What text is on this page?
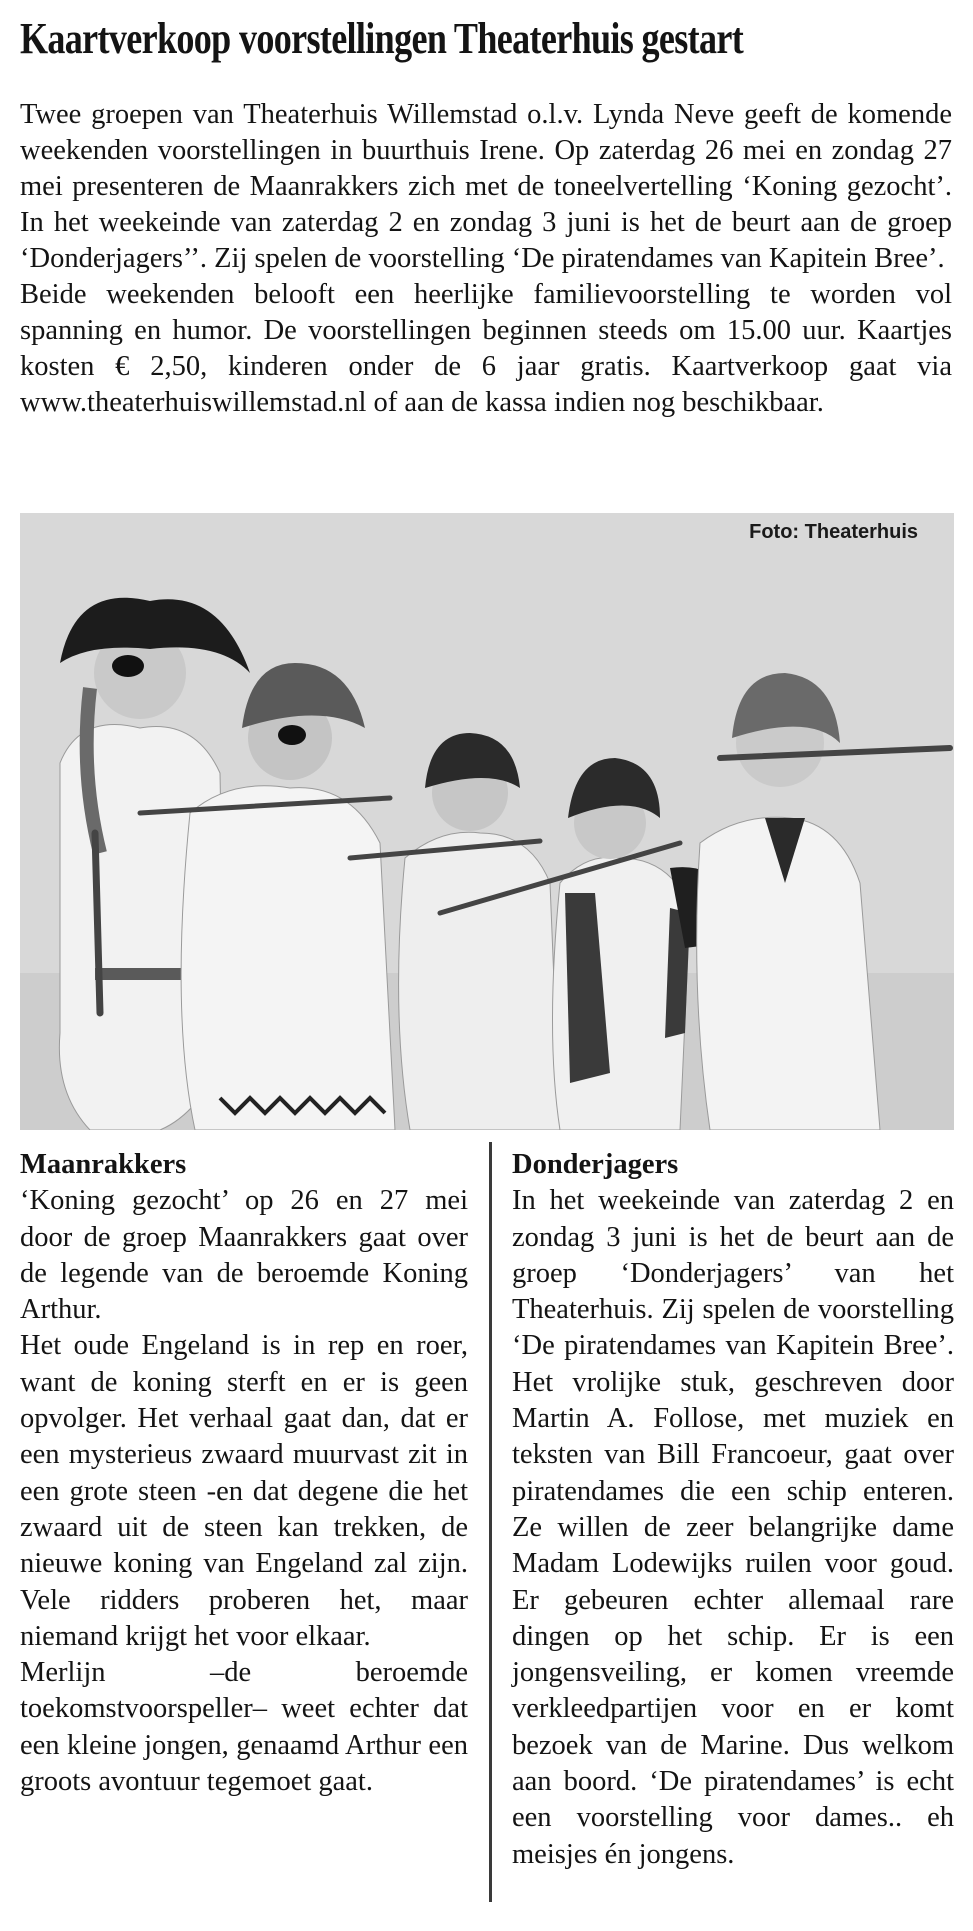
Kaartverkoop voorstellingen Theaterhuis gestart

Twee groepen van Theaterhuis Willemstad o.l.v. Lynda Neve geeft de komende weekenden voorstellingen in buurthuis Irene. Op zaterdag 26 mei en zondag 27 mei presenteren de Maanrakkers zich met de toneelvertelling ‘Koning gezocht’. In het weekeinde van zaterdag 2 en zondag 3 juni is het de beurt aan de groep ‘Donderjagers’’. Zij spelen de voorstelling ‘De piratendames van Kapitein Bree’.

Beide weekenden belooft een heerlijke familievoorstelling te worden vol spanning en humor. De voorstellingen beginnen steeds om 15.00 uur. Kaartjes kosten € 2,50, kinderen onder de 6 jaar gratis. Kaartverkoop gaat via www.theaterhuiswillemstad.nl of aan de kassa indien nog beschikbaar.

Foto: Theaterhuis
Maanrakkers

‘Koning gezocht’ op 26 en 27 mei door de groep Maanrakkers gaat over de legende van de beroemde Koning Arthur.

Het oude Engeland is in rep en roer, want de koning sterft en er is geen opvolger. Het verhaal gaat dan, dat er een mysterieus zwaard muurvast zit in een grote steen -en dat degene die het zwaard uit de steen kan trekken, de nieuwe koning van Engeland zal zijn. Vele ridders proberen het, maar niemand krijgt het voor elkaar.

Merlijn –de beroemde toekomstvoorspeller– weet echter dat een kleine jongen, genaamd Arthur een groots avontuur tegemoet gaat.

Donderjagers

In het weekeinde van zaterdag 2 en zondag 3 juni is het de beurt aan de groep ‘Donderjagers’ van het Theaterhuis. Zij spelen de voorstelling ‘De piratendames van Kapitein Bree’. Het vrolijke stuk, geschreven door Martin A. Follose, met muziek en teksten van Bill Francoeur, gaat over piratendames die een schip enteren. Ze willen de zeer belangrijke dame Madam Lodewijks ruilen voor goud. Er gebeuren echter allemaal rare dingen op het schip. Er is een jongensveiling, er komen vreemde verkleedpartijen voor en er komt bezoek van de Marine. Dus welkom aan boord. ‘De piratendames’ is echt een voorstelling voor dames.. eh meisjes én jongens.
